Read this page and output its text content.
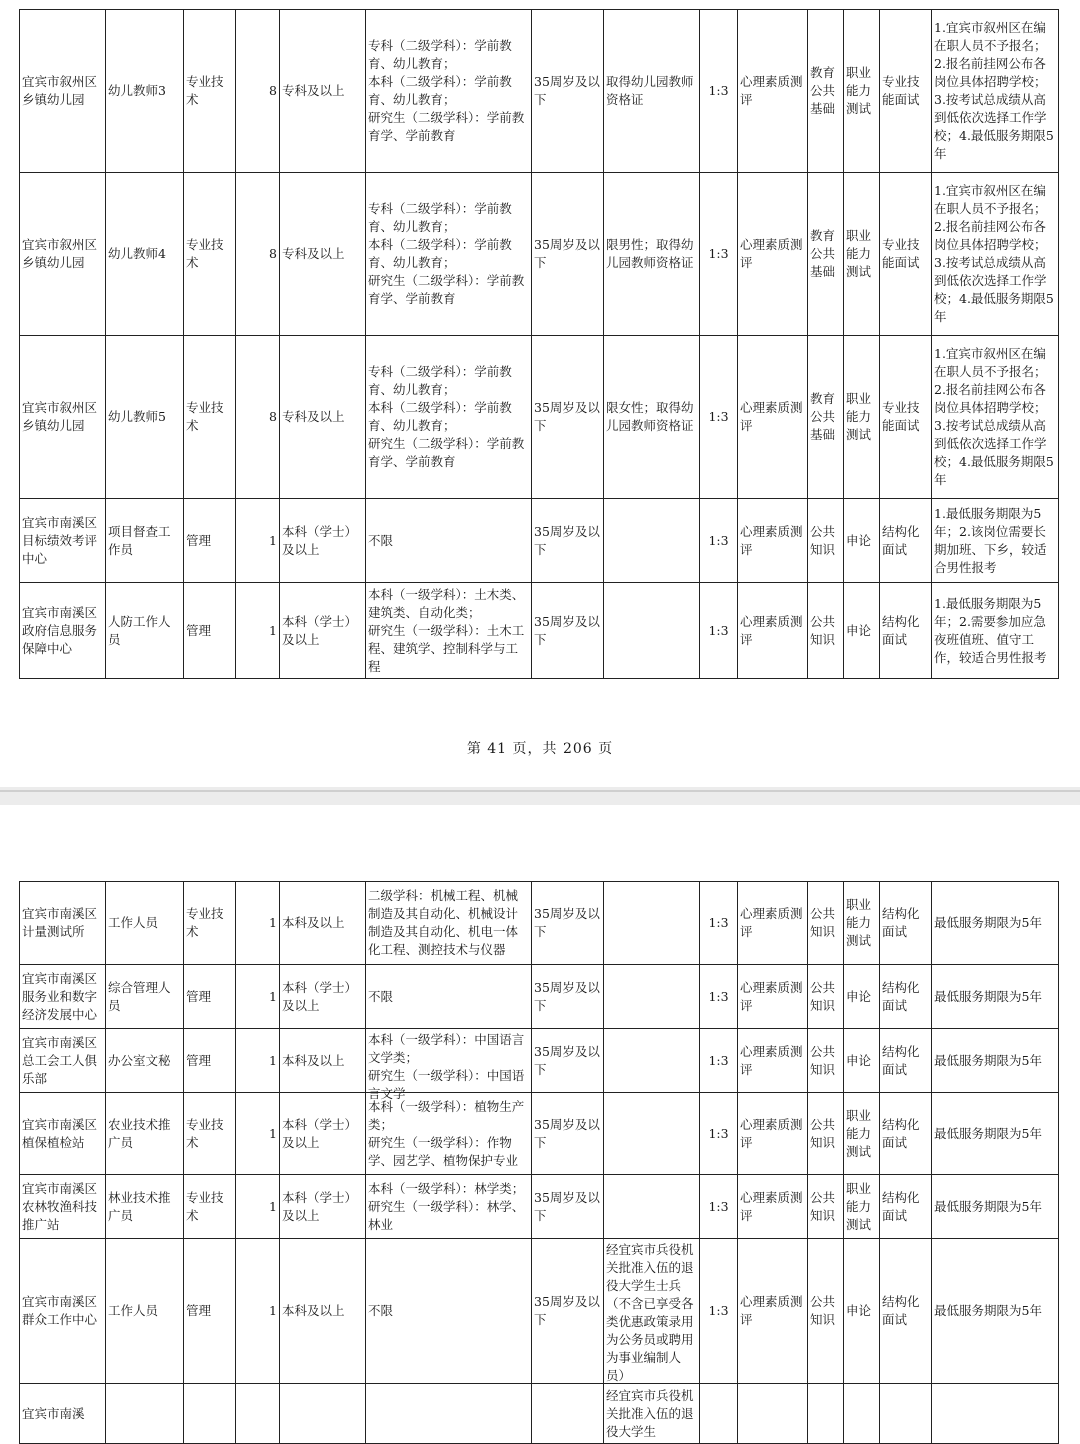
宜宾市叙州区乡镇幼儿园	幼儿教师3	专业技术	8	专科及以上	专科（二级学科）：学前教育、幼儿教育；
本科（二级学科）：学前教育、幼儿教育；
研究生（二级学科）：学前教育学、学前教育	35周岁及以下	取得幼儿园教师资格证	1:3	心理素质测评	教育公共基础	职业能力测试	专业技能面试	1.宜宾市叙州区在编在职人员不予报名；2.报名前挂网公布各岗位具体招聘学校；3.按考试总成绩从高到低依次选择工作学校；4.最低服务期限5年

宜宾市叙州区乡镇幼儿园	幼儿教师4	专业技术	8	专科及以上	专科（二级学科）：学前教育、幼儿教育；
本科（二级学科）：学前教育、幼儿教育；
研究生（二级学科）：学前教育学、学前教育	35周岁及以下	限男性；取得幼儿园教师资格证	1:3	心理素质测评	教育公共基础	职业能力测试	专业技能面试	1.宜宾市叙州区在编在职人员不予报名；2.报名前挂网公布各岗位具体招聘学校；3.按考试总成绩从高到低依次选择工作学校；4.最低服务期限5年

宜宾市叙州区乡镇幼儿园	幼儿教师5	专业技术	8	专科及以上	专科（二级学科）：学前教育、幼儿教育；
本科（二级学科）：学前教育、幼儿教育；
研究生（二级学科）：学前教育学、学前教育	35周岁及以下	限女性；取得幼儿园教师资格证	1:3	心理素质测评	教育公共基础	职业能力测试	专业技能面试	1.宜宾市叙州区在编在职人员不予报名；2.报名前挂网公布各岗位具体招聘学校；3.按考试总成绩从高到低依次选择工作学校；4.最低服务期限5年

宜宾市南溪区目标绩效考评中心	项目督查工作员	管理	1	本科（学士）及以上	不限	35周岁及以下		1:3	心理素质测评	公共知识	申论	结构化面试	1.最低服务期限为5年；2.该岗位需要长期加班、下乡，较适合男性报考

宜宾市南溪区政府信息服务保障中心	人防工作人员	管理	1	本科（学士）及以上	本科（一级学科）：土木类、建筑类、自动化类；
研究生（一级学科）：土木工程、建筑学、控制科学与工程	35周岁及以下		1:3	心理素质测评	公共知识	申论	结构化面试	1.最低服务期限为5年；2.需要参加应急夜班值班、值守工作，较适合男性报考
第 41 页，共 206 页
宜宾市南溪区计量测试所	工作人员	专业技术	1	本科及以上	二级学科：机械工程、机械制造及其自动化、机械设计制造及其自动化、机电一体化工程、测控技术与仪器	35周岁及以下		1:3	心理素质测评	公共知识	职业能力测试	结构化面试	最低服务期限为5年

宜宾市南溪区服务业和数字经济发展中心	综合管理人员	管理	1	本科（学士）及以上	不限	35周岁及以下		1:3	心理素质测评	公共知识	申论	结构化面试	最低服务期限为5年

宜宾市南溪区总工会工人俱乐部	办公室文秘	管理	1	本科及以上	本科（一级学科）：中国语言文学类；
研究生（一级学科）：中国语言文学	35周岁及以下		1:3	心理素质测评	公共知识	申论	结构化面试	最低服务期限为5年

宜宾市南溪区植保植检站	农业技术推广员	专业技术	1	本科（学士）及以上	本科（一级学科）：植物生产类；
研究生（一级学科）：作物学、园艺学、植物保护专业	35周岁及以下		1:3	心理素质测评	公共知识	职业能力测试	结构化面试	最低服务期限为5年

宜宾市南溪区农林牧渔科技推广站	林业技术推广员	专业技术	1	本科（学士）及以上	本科（一级学科）：林学类；
研究生（一级学科）：林学、林业	35周岁及以下		1:3	心理素质测评	公共知识	职业能力测试	结构化面试	最低服务期限为5年

宜宾市南溪区群众工作中心	工作人员	管理	1	本科及以上	不限	35周岁及以下	经宜宾市兵役机关批准入伍的退役大学生士兵（不含已享受各类优惠政策录用为公务员或聘用为事业编制人员）	1:3	心理素质测评	公共知识	申论	结构化面试	最低服务期限为5年

宜宾市南溪							经宜宾市兵役机关批准入伍的退役大学生						
